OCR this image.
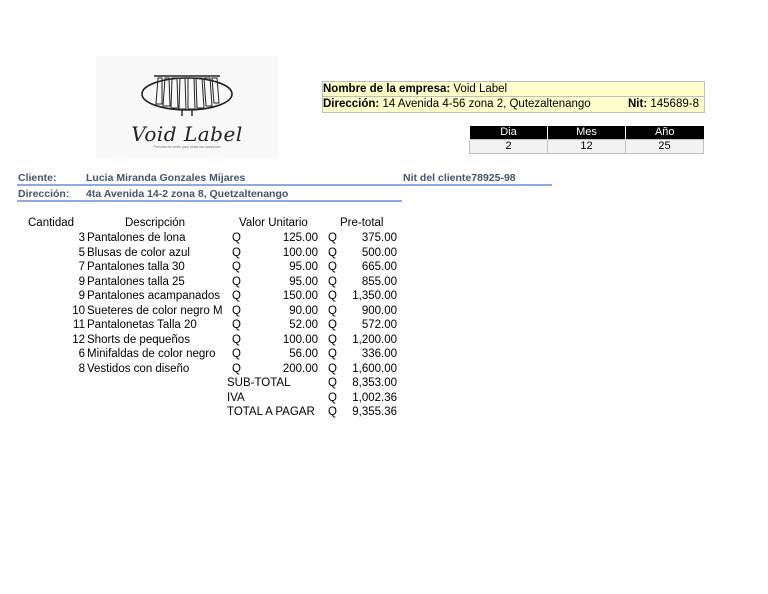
Void Label
Prendas de vestir para todas las ocasiones
Nombre de la empresa: Void Label
Dirección: 14 Avenida 4-56 zona 2, Qutezaltenango	Nit: 145689-8
Dia	Mes	Año
2	12	25
Cliente:	Lucia Miranda Gonzales Mijares	Nit del cliente78925-98
Dirección: 4ta Avenida 14-2 zona 8, Quetzaltenango
Cantidad	Descripción	Valor Unitario	Pre-total
3 Pantalones de lona	Q	125.00 Q	375.00
5 Blusas de color azul	Q	100.00 Q	500.00
7 Pantalones talla 30	Q	95.00 Q	665.00
9 Pantalones talla 25	Q	95.00 Q	855.00
9 Pantalones acampanados Q	150.00 Q	1,350.00
10 Sueteres de color negro M Q	90.00 Q	900.00
11 Pantalonetas Talla 20	Q	52.00 Q	572.00
12 Shorts de pequeños	Q	100.00 Q	1,200.00
6 Minifaldas de color negro Q	56.00 Q	336.00
8 Vestidos con diseño	Q	200.00 Q	1,600.00
SUB-TOTAL	Q	8,353.00
IVA	Q	1,002.36
TOTAL A PAGAR Q	9,355.36
